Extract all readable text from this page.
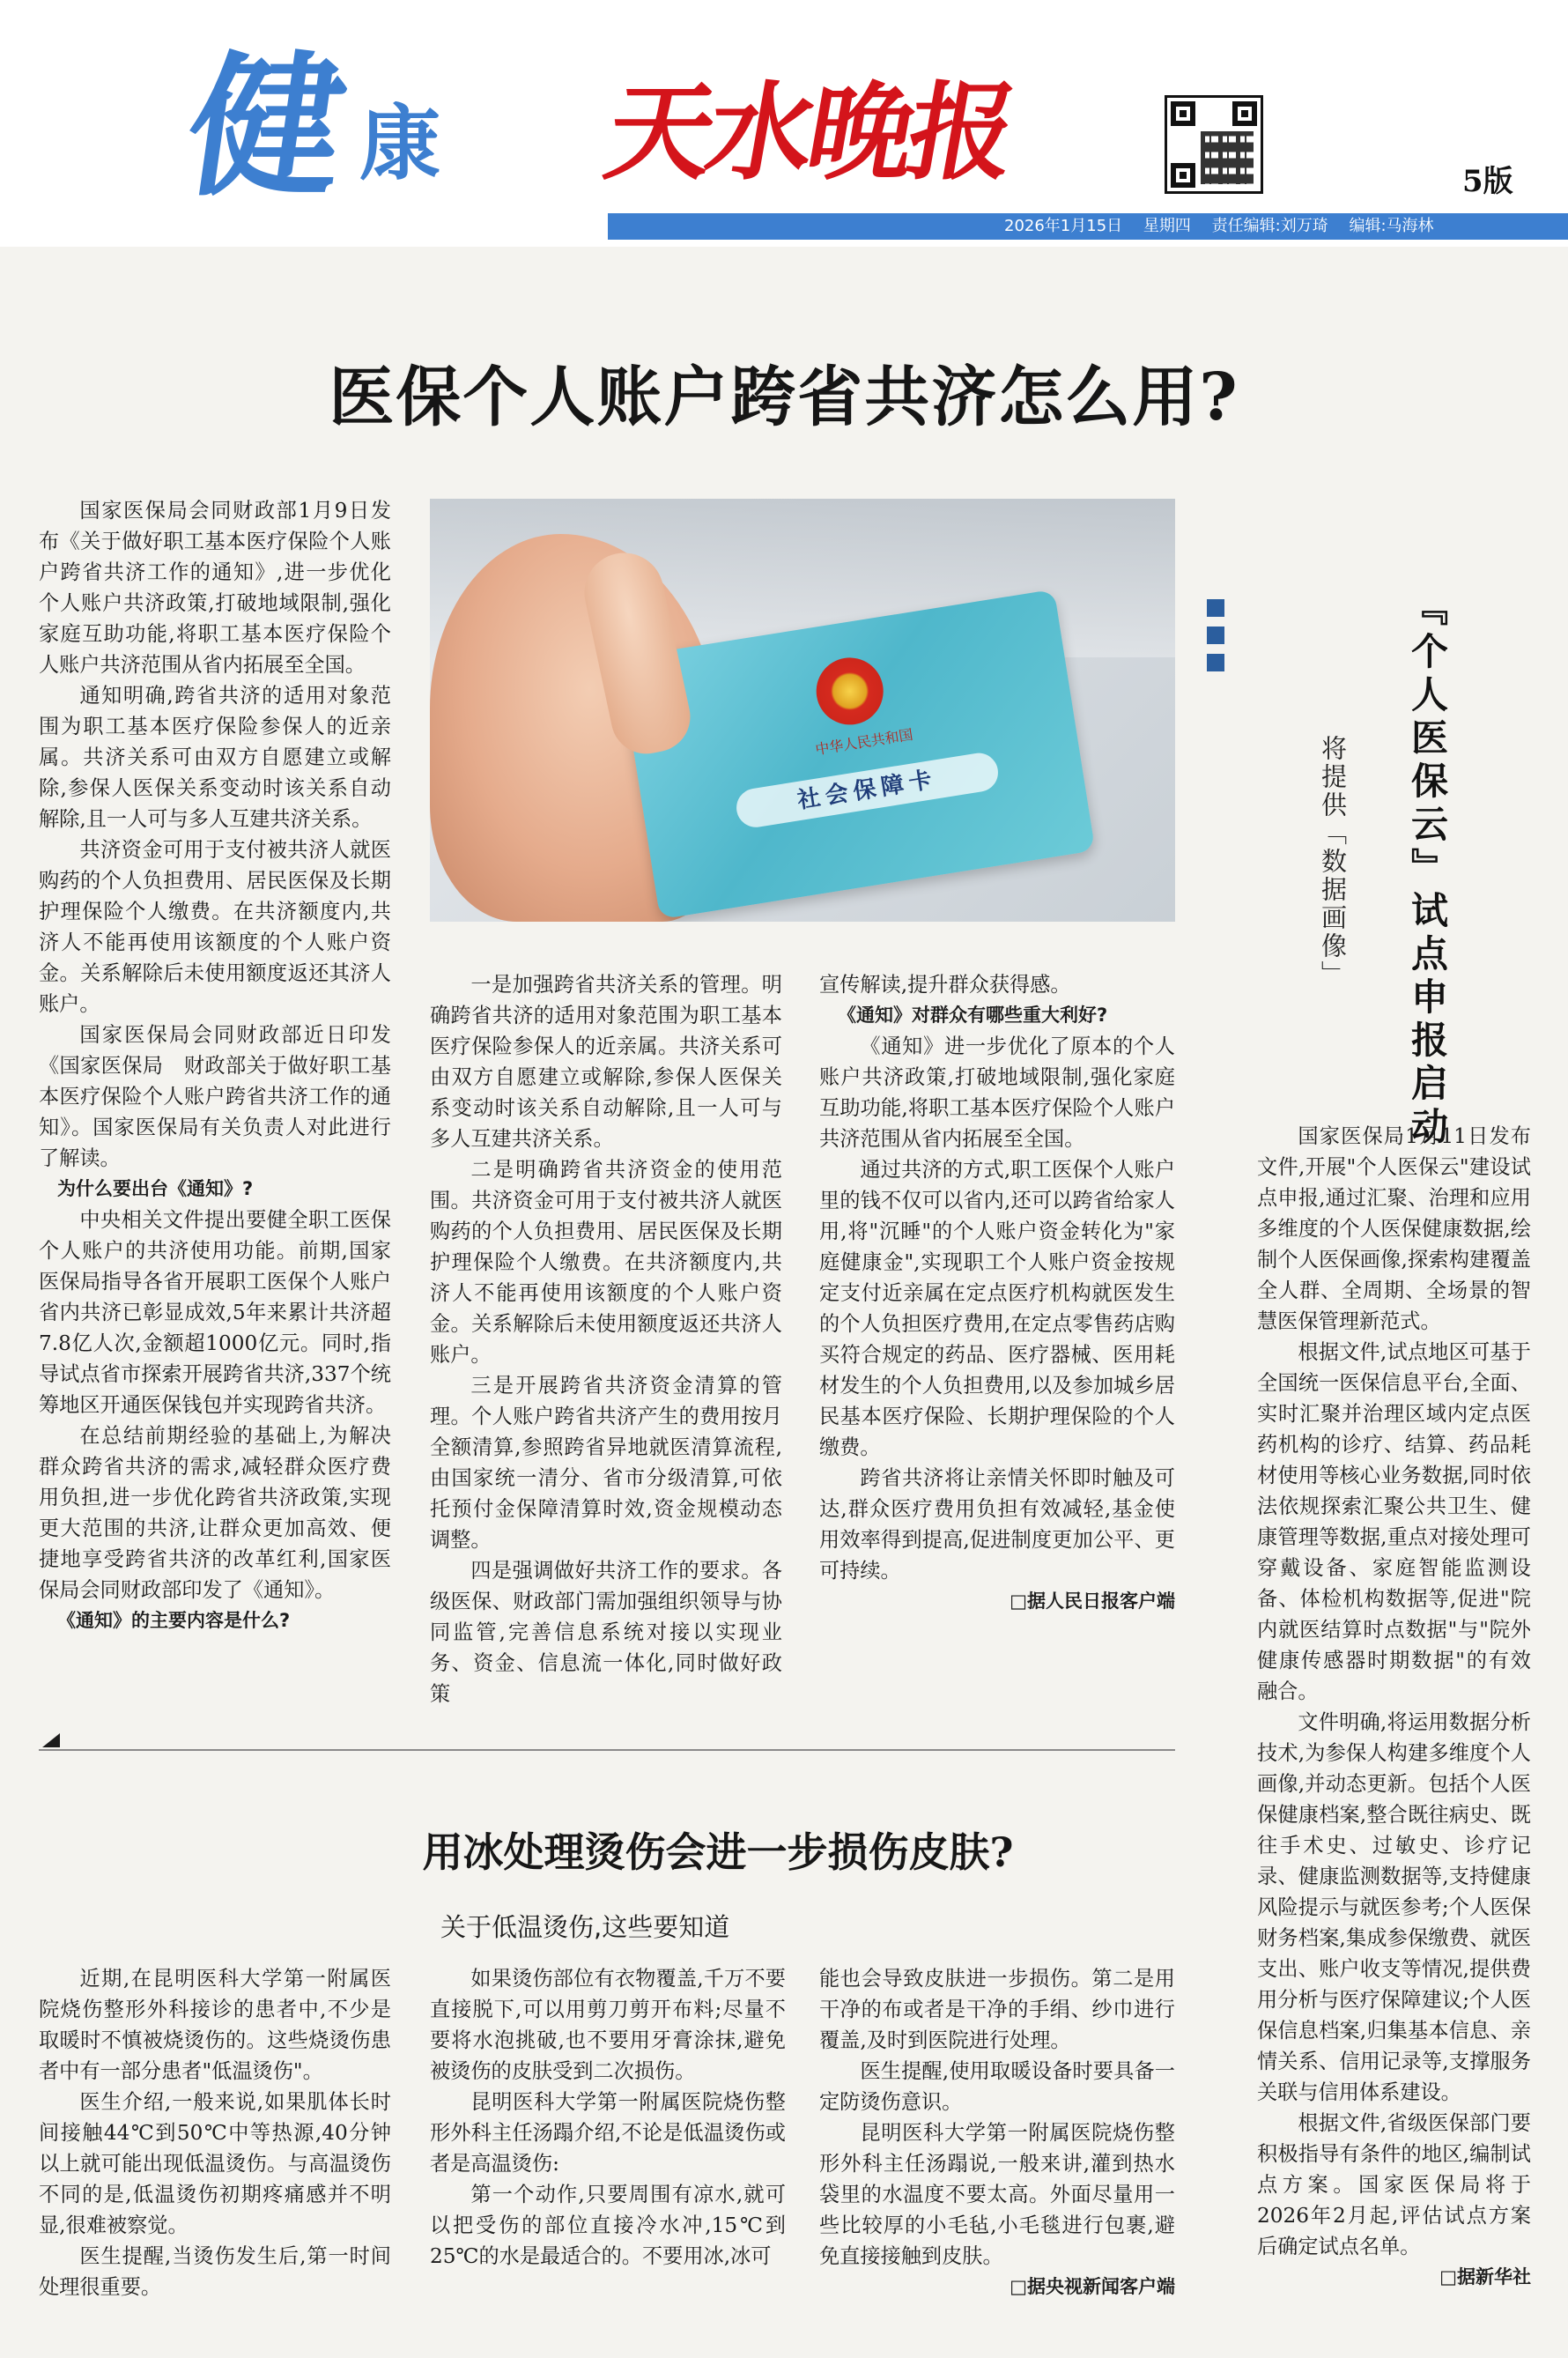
健 康 天水晚报	5版
2026年1月15日 星期四 责任编辑:刘万琦 编辑:马海林
医保个人账户跨省共济怎么用?
中华人民共和国
社会保障卡

国家医保局会同财政部1月9日发布《关于做好职工基本医疗保险个人账户跨省共济工作的通知》,进一步优化个人账户共济政策,打破地域限制,强化家庭互助功能,将职工基本医疗保险个人账户共济范围从省内拓展至全国。

通知明确,跨省共济的适用对象范围为职工基本医疗保险参保人的近亲属。共济关系可由双方自愿建立或解除,参保人医保关系变动时该关系自动解除,且一人可与多人互建共济关系。

共济资金可用于支付被共济人就医购药的个人负担费用、居民医保及长期护理保险个人缴费。在共济额度内,共济人不能再使用该额度的个人账户资金。关系解除后未使用额度返还其济人账户。

国家医保局会同财政部近日印发《国家医保局　财政部关于做好职工基本医疗保险个人账户跨省共济工作的通知》。国家医保局有关负责人对此进行了解读。

为什么要出台《通知》?

中央相关文件提出要健全职工医保个人账户的共济使用功能。前期,国家医保局指导各省开展职工医保个人账户省内共济已彰显成效,5年来累计共济超7.8亿人次,金额超1000亿元。同时,指导试点省市探索开展跨省共济,337个统筹地区开通医保钱包并实现跨省共济。

在总结前期经验的基础上,为解决群众跨省共济的需求,减轻群众医疗费用负担,进一步优化跨省共济政策,实现更大范围的共济,让群众更加高效、便捷地享受跨省共济的改革红利,国家医保局会同财政部印发了《通知》。

《通知》的主要内容是什么?

一是加强跨省共济关系的管理。明确跨省共济的适用对象范围为职工基本医疗保险参保人的近亲属。共济关系可由双方自愿建立或解除,参保人医保关系变动时该关系自动解除,且一人可与多人互建共济关系。

二是明确跨省共济资金的使用范围。共济资金可用于支付被共济人就医购药的个人负担费用、居民医保及长期护理保险个人缴费。在共济额度内,共济人不能再使用该额度的个人账户资金。关系解除后未使用额度返还共济人账户。

三是开展跨省共济资金清算的管理。个人账户跨省共济产生的费用按月全额清算,参照跨省异地就医清算流程,由国家统一清分、省市分级清算,可依托预付金保障清算时效,资金规模动态调整。

四是强调做好共济工作的要求。各级医保、财政部门需加强组织领导与协同监管,完善信息系统对接以实现业务、资金、信息流一体化,同时做好政策

宣传解读,提升群众获得感。

《通知》对群众有哪些重大利好?

《通知》进一步优化了原本的个人账户共济政策,打破地域限制,强化家庭互助功能,将职工基本医疗保险个人账户共济范围从省内拓展至全国。

通过共济的方式,职工医保个人账户里的钱不仅可以省内,还可以跨省给家人用,将"沉睡"的个人账户资金转化为"家庭健康金",实现职工个人账户资金按规定支付近亲属在定点医疗机构就医发生的个人负担医疗费用,在定点零售药店购买符合规定的药品、医疗器械、医用耗材发生的个人负担费用,以及参加城乡居民基本医疗保险、长期护理保险的个人缴费。

跨省共济将让亲情关怀即时触及可达,群众医疗费用负担有效减轻,基金使用效率得到提高,促进制度更加公平、更可持续。

□据人民日报客户端

用冰处理烫伤会进一步损伤皮肤?
关于低温烫伤,这些要知道

近期,在昆明医科大学第一附属医院烧伤整形外科接诊的患者中,不少是取暖时不慎被烧烫伤的。这些烧烫伤患者中有一部分患者"低温烫伤"。

医生介绍,一般来说,如果肌体长时间接触44℃到50℃中等热源,40分钟以上就可能出现低温烫伤。与高温烫伤不同的是,低温烫伤初期疼痛感并不明显,很难被察觉。

医生提醒,当烫伤发生后,第一时间处理很重要。

如果烫伤部位有衣物覆盖,千万不要直接脱下,可以用剪刀剪开布料;尽量不要将水泡挑破,也不要用牙膏涂抹,避免被烫伤的皮肤受到二次损伤。

昆明医科大学第一附属医院烧伤整形外科主任汤蹋介绍,不论是低温烫伤或者是高温烫伤:

第一个动作,只要周围有凉水,就可以把受伤的部位直接冷水冲,15℃到25℃的水是最适合的。不要用冰,冰可

能也会导致皮肤进一步损伤。第二是用干净的布或者是干净的手绢、纱巾进行覆盖,及时到医院进行处理。

医生提醒,使用取暖设备时要具备一定防烫伤意识。

昆明医科大学第一附属医院烧伤整形外科主任汤蹋说,一般来讲,灌到热水袋里的水温度不要太高。外面尽量用一些比较厚的小毛毡,小毛毯进行包裹,避免直接接触到皮肤。

□据央视新闻客户端

『个人医保云』试点申报启动
将提供「数据画像」

国家医保局1月11日发布文件,开展"个人医保云"建设试点申报,通过汇聚、治理和应用多维度的个人医保健康数据,绘制个人医保画像,探索构建覆盖全人群、全周期、全场景的智慧医保管理新范式。

根据文件,试点地区可基于全国统一医保信息平台,全面、实时汇聚并治理区域内定点医药机构的诊疗、结算、药品耗材使用等核心业务数据,同时依法依规探索汇聚公共卫生、健康管理等数据,重点对接处理可穿戴设备、家庭智能监测设备、体检机构数据等,促进"院内就医结算时点数据"与"院外健康传感器时期数据"的有效融合。

文件明确,将运用数据分析技术,为参保人构建多维度个人画像,并动态更新。包括个人医保健康档案,整合既往病史、既往手术史、过敏史、诊疗记录、健康监测数据等,支持健康风险提示与就医参考;个人医保财务档案,集成参保缴费、就医支出、账户收支等情况,提供费用分析与医疗保障建议;个人医保信息档案,归集基本信息、亲情关系、信用记录等,支撑服务关联与信用体系建设。

根据文件,省级医保部门要积极指导有条件的地区,编制试点方案。国家医保局将于2026年2月起,评估试点方案后确定试点名单。

□据新华社
